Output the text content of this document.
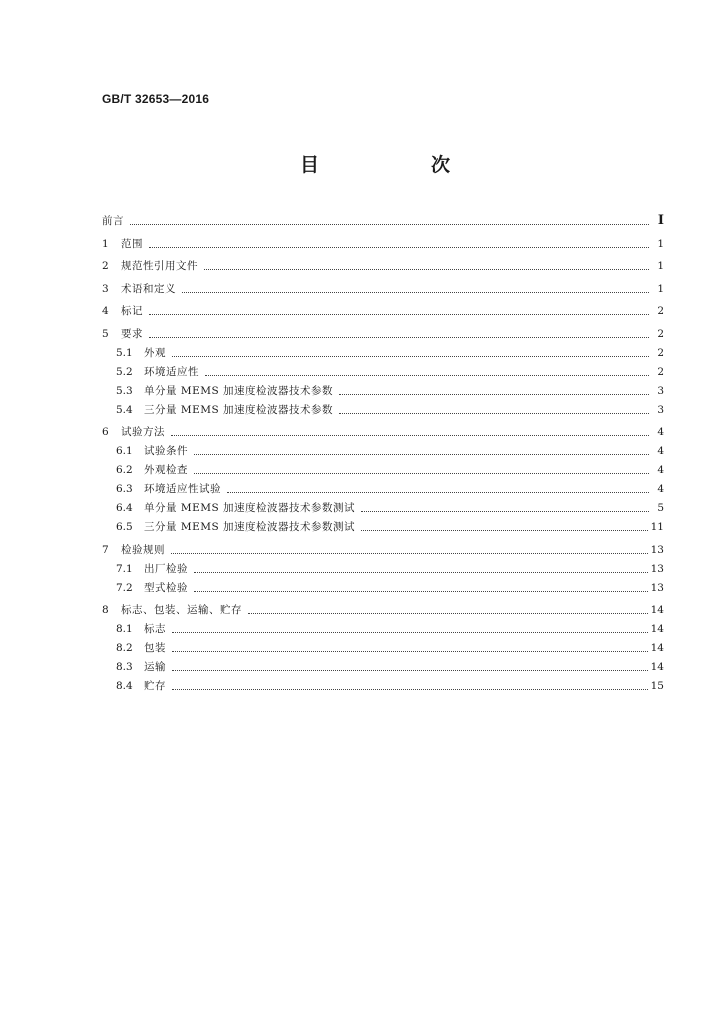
GB/T 32653—2016
目	次
前言	I
1	范围	1
2	规范性引用文件	1
3	术语和定义	1
4	标记	2
5	要求	2
5.1	外观	2
5.2	环境适应性	2
5.3	单分量 MEMS 加速度检波器技术参数	3
5.4	三分量 MEMS 加速度检波器技术参数	3
6	试验方法	4
6.1	试验条件	4
6.2	外观检查	4
6.3	环境适应性试验	4
6.4	单分量 MEMS 加速度检波器技术参数测试	5
6.5	三分量 MEMS 加速度检波器技术参数测试	11
7	检验规则	13
7.1	出厂检验	13
7.2	型式检验	13
8	标志、包装、运输、贮存	14
8.1	标志	14
8.2	包装	14
8.3	运输	14
8.4	贮存	15
